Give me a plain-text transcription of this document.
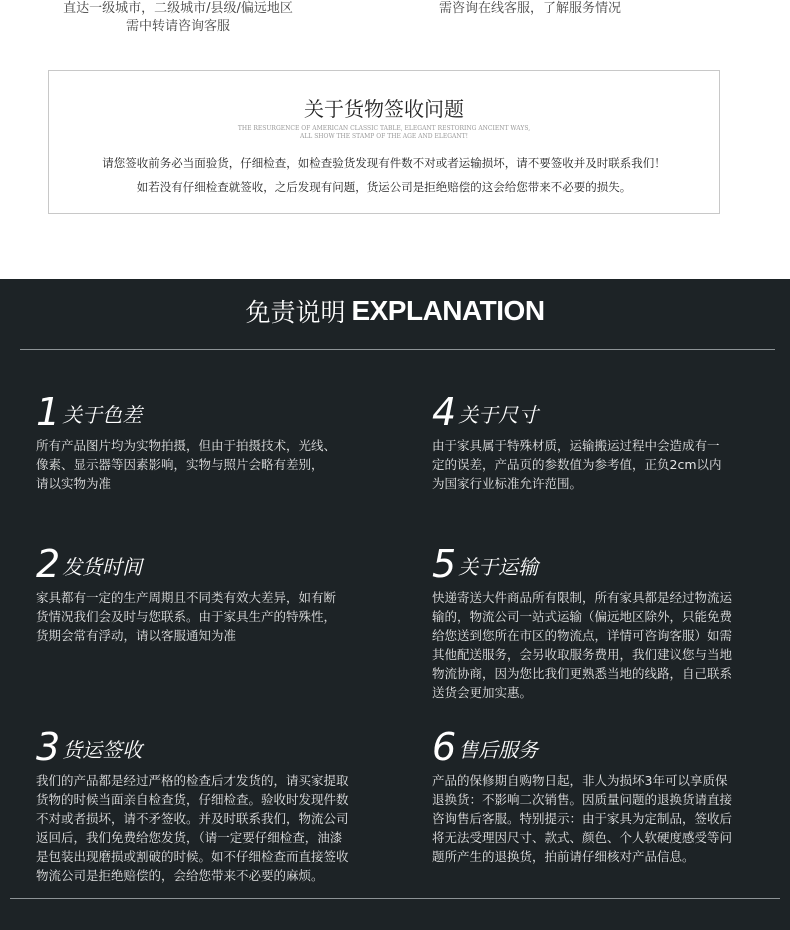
直达一级城市，二级城市/县级/偏远地区
需中转请咨询客服
需咨询在线客服，了解服务情况
关于货物签收问题
THE RESURGENCE OF AMERICAN CLASSIC TABLE, ELEGANT RESTORING ANCIENT WAYS,
ALL SHOW THE STAMP OF THE AGE AND ELEGANT!
请您签收前务必当面验货，仔细检查，如检查验货发现有件数不对或者运输损坏，请不要签收并及时联系我们！
如若没有仔细检查就签收，之后发现有问题，货运公司是拒绝赔偿的这会给您带来不必要的损失。
免责说明 EXPLANATION
1 关于色差
所有产品图片均为实物拍摄，但由于拍摄技术，光线、
像素、显示器等因素影响，实物与照片会略有差别，
请以实物为准
2 发货时间
家具都有一定的生产周期且不同类有效大差异，如有断
货情况我们会及时与您联系。由于家具生产的特殊性，
货期会常有浮动，请以客服通知为准
3 货运签收
我们的产品都是经过严格的检查后才发货的，请买家提取
货物的时候当面亲自检查货，仔细检查。验收时发现件数
不对或者损坏，请不矛签收。并及时联系我们，物流公司
返回后，我们免费给您发货，（请一定要仔细检查，油漆
是包装出现磨损或割破的时候。如不仔细检查而直接签收
物流公司是拒绝赔偿的，会给您带来不必要的麻烦。
4 关于尺寸
由于家具属于特殊材质，运输搬运过程中会造成有一
定的误差，产品页的参数值为参考值，正负2cm以内
为国家行业标准允许范围。
5 关于运输
快递寄送大件商品所有限制，所有家具都是经过物流运
输的，物流公司一站式运输（偏远地区除外，只能免费
给您送到您所在市区的物流点，详情可咨询客服）如需
其他配送服务，会另收取服务费用，我们建议您与当地
物流协商，因为您比我们更熟悉当地的线路，自己联系
送货会更加实惠。
6 售后服务
产品的保修期自购物日起，非人为损坏3年可以享质保
退换货：不影响二次销售。因质量问题的退换货请直接
咨询售后客服。特别提示：由于家具为定制品，签收后
将无法受理因尺寸、款式、颜色、个人软硬度感受等问
题所产生的退换货，拍前请仔细核对产品信息。
